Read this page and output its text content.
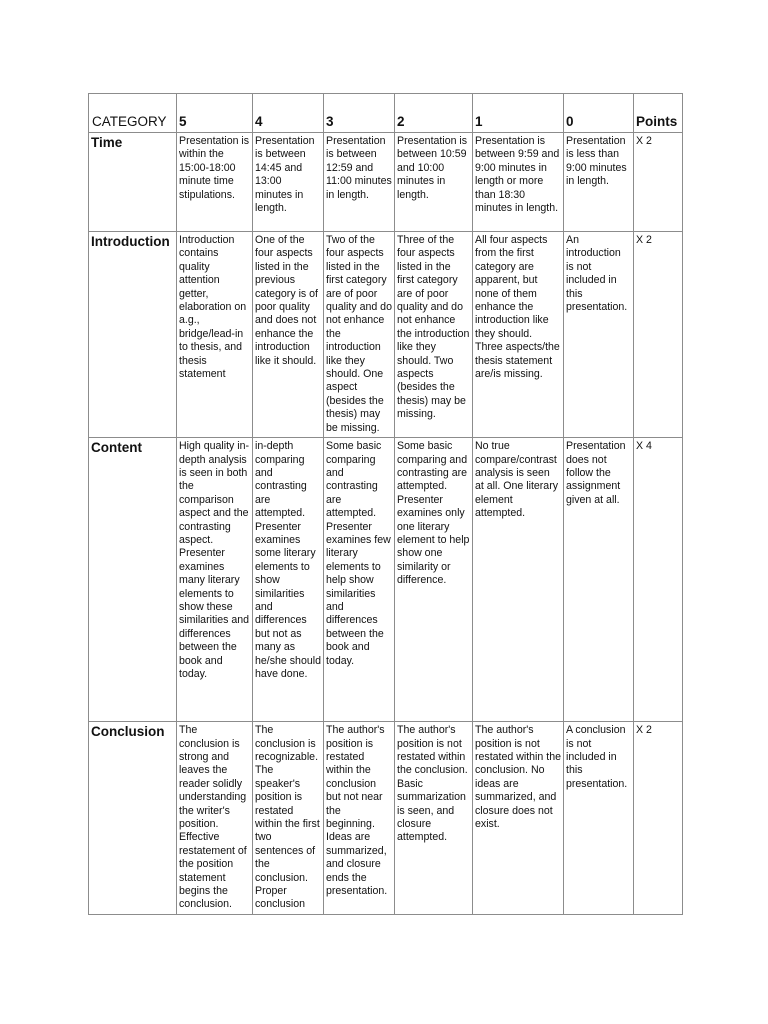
CATEGORY	5	4	3	2	1	0	Points
Time	Presentation is within the 15:00-18:00 minute time stipulations.	Presentation is between 14:45 and 13:00 minutes in length.	Presentation is between 12:59 and 11:00 minutes in length.	Presentation is between 10:59 and 10:00 minutes in length.	Presentation is between 9:59 and 9:00 minutes in length or more than 18:30 minutes in length.	Presentation is less than 9:00 minutes in length.	X 2
Introduction	Introduction contains quality attention getter, elaboration on a.g., bridge/lead-in to thesis, and thesis statement	One of the four aspects listed in the previous category is of poor quality and does not enhance the introduction like it should.	Two of the four aspects listed in the first category are of poor quality and do not enhance the introduction like they should. One aspect (besides the thesis) may be missing.	Three of the four aspects listed in the first category are of poor quality and do not enhance the introduction like they should. Two aspects (besides the thesis) may be missing.	All four aspects from the first category are apparent, but none of them enhance the introduction like they should. Three aspects/the thesis statement are/is missing.	An introduction is not included in this presentation.	X 2
Content	High quality in-depth analysis is seen in both the comparison aspect and the contrasting aspect. Presenter examines many literary elements to show these similarities and differences between the book and today.	in-depth comparing and contrasting are attempted. Presenter examines some literary elements to show similarities and differences but not as many as he/she should have done.	Some basic comparing and contrasting are attempted. Presenter examines few literary elements to help show similarities and differences between the book and today.	Some basic comparing and contrasting are attempted. Presenter examines only one literary element to help show one similarity or difference.	No true compare/contrast analysis is seen at all. One literary element attempted.	Presentation does not follow the assignment given at all.	X 4
Conclusion	The conclusion is strong and leaves the reader solidly understanding the writer's position. Effective restatement of the position statement begins the conclusion.	The conclusion is recognizable. The speaker's position is restated within the first two sentences of the conclusion. Proper conclusion	The author's position is restated within the conclusion but not near the beginning. Ideas are summarized, and closure ends the presentation.	The author's position is not restated within the conclusion. Basic summarization is seen, and closure attempted.	The author's position is not restated within the conclusion. No ideas are summarized, and closure does not exist.	A conclusion is not included in this presentation.	X 2
